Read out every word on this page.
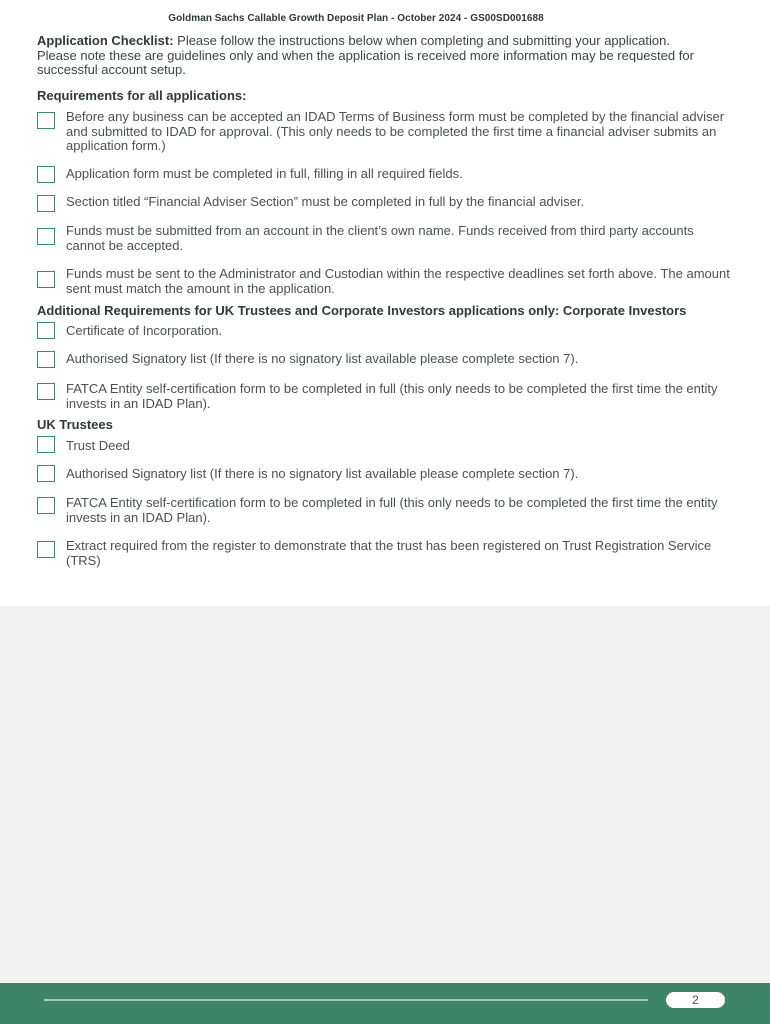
Goldman Sachs Callable Growth Deposit Plan - October 2024 - GS00SD001688
Application Checklist: Please follow the instructions below when completing and submitting your application. Please note these are guidelines only and when the application is received more information may be requested for successful account setup.
Requirements for all applications:
Before any business can be accepted an IDAD Terms of Business form must be completed by the financial adviser and submitted to IDAD for approval. (This only needs to be completed the first time a financial adviser submits an application form.)
Application form must be completed in full, filling in all required fields.
Section titled “Financial Adviser Section” must be completed in full by the financial adviser.
Funds must be submitted from an account in the client’s own name. Funds received from third party accounts cannot be accepted.
Funds must be sent to the Administrator and Custodian within the respective deadlines set forth above. The amount sent must match the amount in the application.
Additional Requirements for UK Trustees and Corporate Investors applications only: Corporate Investors
Certificate of Incorporation.
Authorised Signatory list (If there is no signatory list available please complete section 7).
FATCA Entity self-certification form to be completed in full (this only needs to be completed the first time the entity invests in an IDAD Plan).
UK Trustees
Trust Deed
Authorised Signatory list (If there is no signatory list available please complete section 7).
FATCA Entity self-certification form to be completed in full (this only needs to be completed the first time the entity invests in an IDAD Plan).
Extract required from the register to demonstrate that the trust has been registered on Trust Registration Service (TRS)
2
